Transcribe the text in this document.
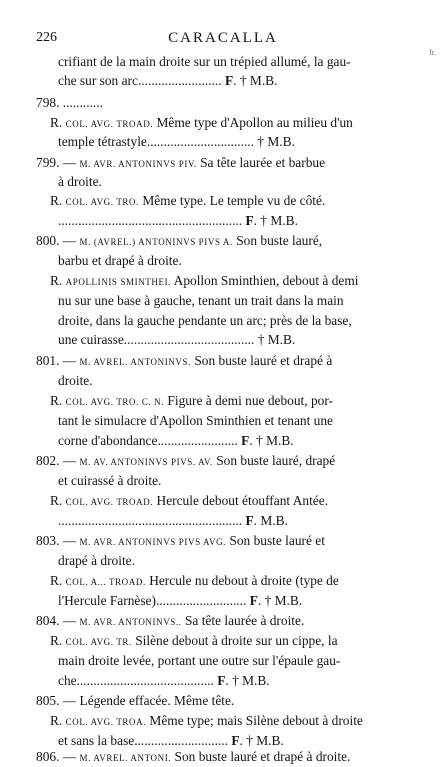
226	CARACALLA
fr.
crifiant de la main droite sur un trépied allumé, la gau-
che sur son arc......................... F. † M.B.
798. ............
R. COL. AVG. TROAD. Même type d'Apollon au milieu d'un
temple tétrastyle................................ † M.B.
799. — M. AVR. ANTONINVS PIV. Sa tête laurée et barbue
à droite.
R. COL. AVG. TRO. Même type. Le temple vu de côté.
....................................................... F. † M.B.
800. — M. (AVREL.) ANTONINVS PIVS A. Son buste lauré,
barbu et drapé à droite.
R. APOLLINIS SMINTHEI. Apollon Sminthien, debout à demi
nu sur une base à gauche, tenant un trait dans la main
droite, dans la gauche pendante un arc; près de la base,
une cuirasse....................................... † M.B.
801. — M. AVREL. ANTONINVS. Son buste lauré et drapé à
droite.
R. COL. AVG. TRO. C. N. Figure à demi nue debout, por-
tant le simulacre d'Apollon Sminthien et tenant une
corne d'abondance........................ F. † M.B.
802. — M. AV. ANTONINVS PIVS. AV. Son buste lauré, drapé
et cuirassé à droite.
R. COL. AVG. TROAD. Hercule debout étouffant Antée.
....................................................... F. M.B.
803. — M. AVR. ANTONINVS PIVS AVG. Son buste lauré et
drapé à droite.
R. COL. A... TROAD. Hercule nu debout à droite (type de
l'Hercule Farnèse)........................... F. † M.B.
804. — M. AVR. ANTONINVS.. Sa tête laurée à droite.
R. COL. AVG. TR. Silène debout à droite sur un cippe, la
main droite levée, portant une outre sur l'épaule gau-
che......................................... F. † M.B.
805. — Légende effacée. Même tête.
R. COL. AVG. TROA. Même type; mais Silène debout à droite
et sans la base............................ F. † M.B.
806. — M. AVREL. ANTONI. Son buste lauré et drapé à droite.
